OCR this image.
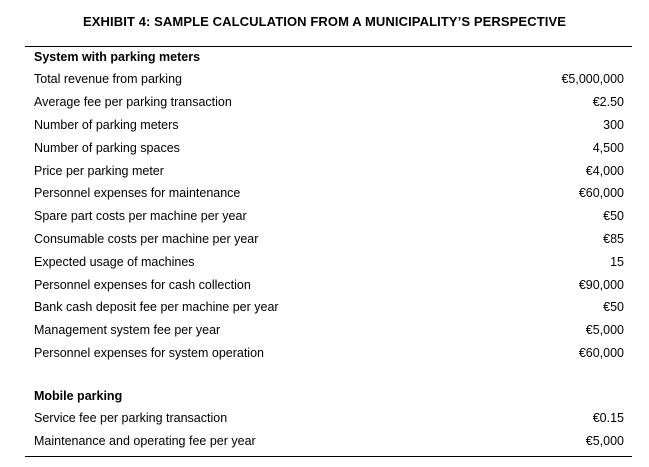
EXHIBIT 4: SAMPLE CALCULATION FROM A MUNICIPALITY’S PERSPECTIVE
System with parking meters
Total revenue from parking	€5,000,000
Average fee per parking transaction	€2.50
Number of parking meters	300
Number of parking spaces	4,500
Price per parking meter	€4,000
Personnel expenses for maintenance	€60,000
Spare part costs per machine per year	€50
Consumable costs per machine per year	€85
Expected usage of machines	15
Personnel expenses for cash collection	€90,000
Bank cash deposit fee per machine per year	€50
Management system fee per year	€5,000
Personnel expenses for system operation	€60,000
Mobile parking
Service fee per parking transaction	€0.15
Maintenance and operating fee per year	€5,000
